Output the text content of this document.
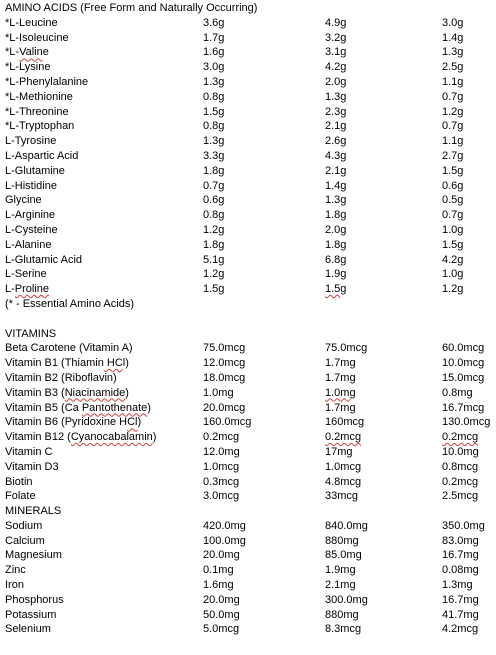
AMINO ACIDS (Free Form and Naturally Occurring)
*L-Leucine	3.6g	4.9g	3.0g
*L-Isoleucine	1.7g	3.2g	1.4g
*L-Valine	1.6g	3.1g	1.3g
*L-Lysine	3.0g	4.2g	2.5g
*L-Phenylalanine	1.3g	2.0g	1.1g
*L-Methionine	0.8g	1.3g	0.7g
*L-Threonine	1.5g	2.3g	1.2g
*L-Tryptophan	0.8g	2.1g	0.7g
L-Tyrosine	1.3g	2.6g	1.1g
L-Aspartic Acid	3.3g	4.3g	2.7g
L-Glutamine	1.8g	2.1g	1.5g
L-Histidine	0.7g	1.4g	0.6g
Glycine	0.6g	1.3g	0.5g
L-Arginine	0.8g	1.8g	0.7g
L-Cysteine	1.2g	2.0g	1.0g
L-Alanine	1.8g	1.8g	1.5g
L-Glutamic Acid	5.1g	6.8g	4.2g
L-Serine	1.2g	1.9g	1.0g
L-Proline	1.5g	1.5g	1.2g
(* - Essential Amino Acids)
VITAMINS
Beta Carotene (Vitamin A)	75.0mcg	75.0mcg	60.0mcg
Vitamin B1 (Thiamin HCl)	12.0mcg	1.7mg	10.0mcg
Vitamin B2 (Riboflavin)	18.0mcg	1.7mg	15.0mcg
Vitamin B3 (Niacinamide)	1.0mg	1.0mg	0.8mg
Vitamin B5 (Ca Pantothenate)	20.0mcg	1.7mg	16.7mcg
Vitamin B6 (Pyridoxine HCl)	160.0mcg	160mcg	130.0mcg
Vitamin B12 (Cyanocabalamin)	0.2mcg	0.2mcg	0.2mcg
Vitamin C	12.0mg	17mg	10.0mg
Vitamin D3	1.0mcg	1.0mcg	0.8mcg
Biotin	0.3mcg	4.8mcg	0.2mcg
Folate	3.0mcg	33mcg	2.5mcg
MINERALS
Sodium	420.0mg	840.0mg	350.0mg
Calcium	100.0mg	880mg	83.0mg
Magnesium	20.0mg	85.0mg	16.7mg
Zinc	0.1mg	1.9mg	0.08mg
Iron	1.6mg	2.1mg	1.3mg
Phosphorus	20.0mg	300.0mg	16.7mg
Potassium	50.0mg	880mg	41.7mg
Selenium	5.0mcg	8.3mcg	4.2mcg
